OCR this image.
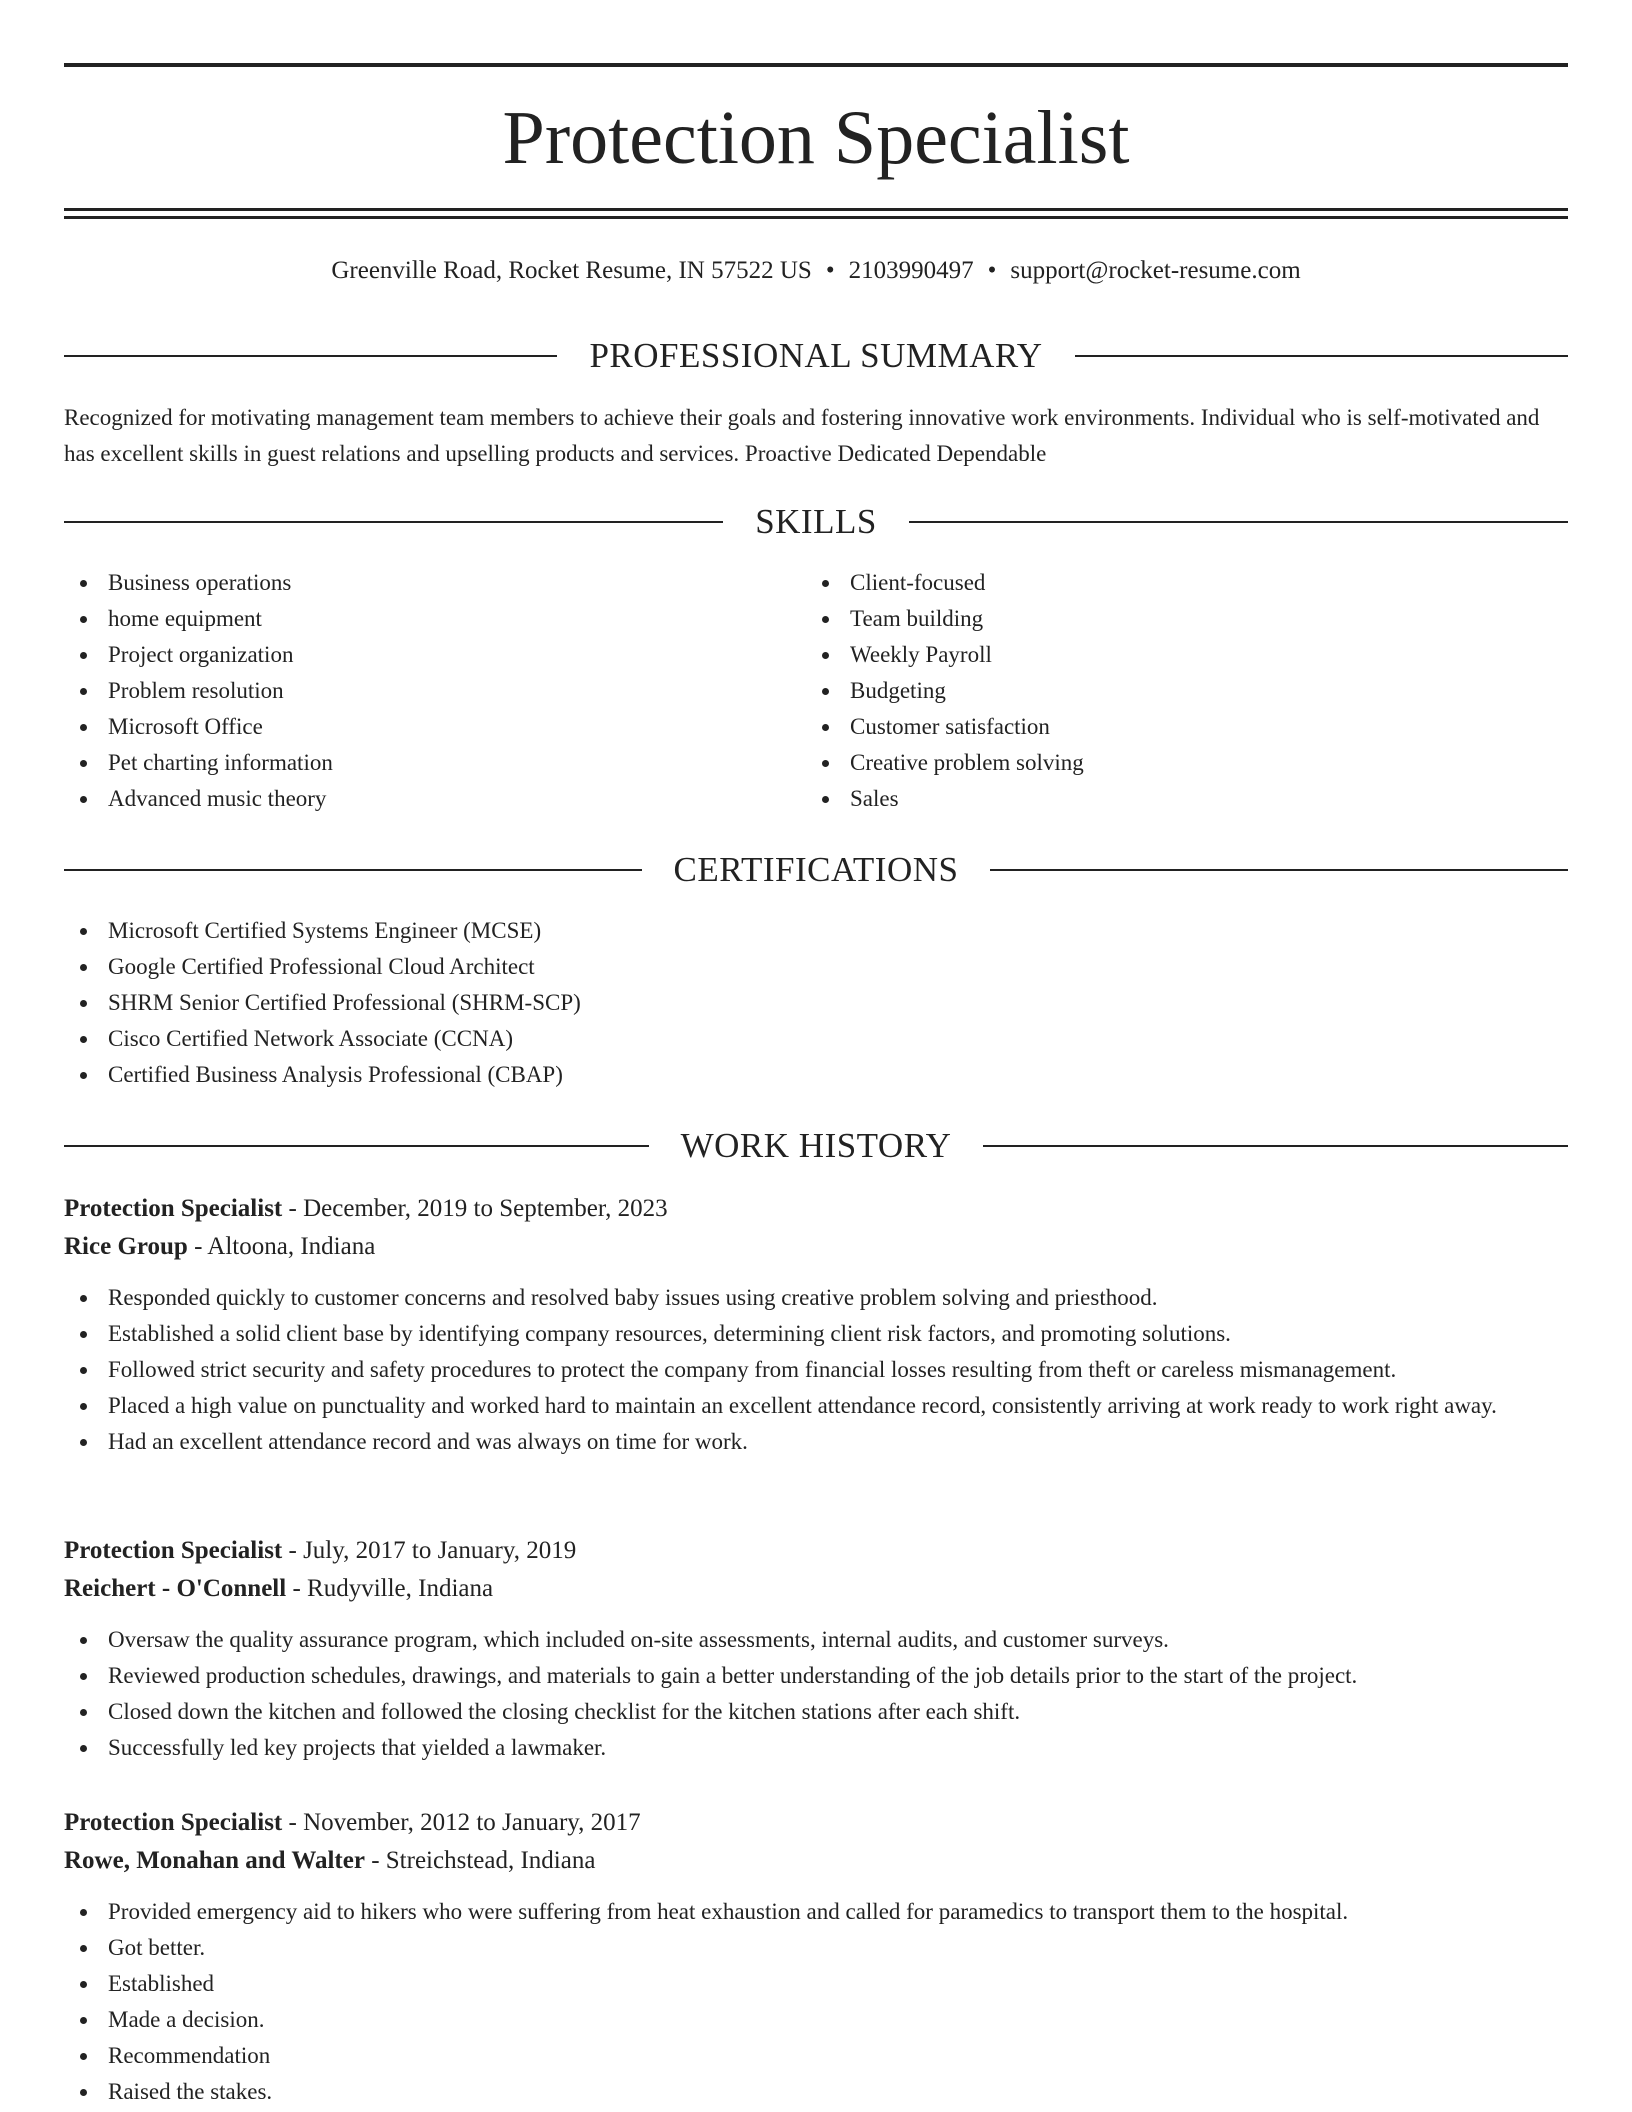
Protection Specialist
Greenville Road, Rocket Resume, IN 57522 US • 2103990497 • support@rocket-resume.com
PROFESSIONAL SUMMARY

Recognized for motivating management team members to achieve their goals and fostering innovative work environments. Individual who is self-motivated and has excellent skills in guest relations and upselling products and services. Proactive Dedicated Dependable

SKILLS
Business operations
home equipment
Project organization
Problem resolution
Microsoft Office
Pet charting information
Advanced music theory
Client-focused
Team building
Weekly Payroll
Budgeting
Customer satisfaction
Creative problem solving
Sales
CERTIFICATIONS
Microsoft Certified Systems Engineer (MCSE)
Google Certified Professional Cloud Architect
SHRM Senior Certified Professional (SHRM-SCP)
Cisco Certified Network Associate (CCNA)
Certified Business Analysis Professional (CBAP)
WORK HISTORY
Protection Specialist - December, 2019 to September, 2023
Rice Group - Altoona, Indiana
Responded quickly to customer concerns and resolved baby issues using creative problem solving and priesthood.
Established a solid client base by identifying company resources, determining client risk factors, and promoting solutions.
Followed strict security and safety procedures to protect the company from financial losses resulting from theft or careless mismanagement.
Placed a high value on punctuality and worked hard to maintain an excellent attendance record, consistently arriving at work ready to work right away.
Had an excellent attendance record and was always on time for work.
Protection Specialist - July, 2017 to January, 2019
Reichert - O'Connell - Rudyville, Indiana
Oversaw the quality assurance program, which included on-site assessments, internal audits, and customer surveys.
Reviewed production schedules, drawings, and materials to gain a better understanding of the job details prior to the start of the project.
Closed down the kitchen and followed the closing checklist for the kitchen stations after each shift.
Successfully led key projects that yielded a lawmaker.
Protection Specialist - November, 2012 to January, 2017
Rowe, Monahan and Walter - Streichstead, Indiana
Provided emergency aid to hikers who were suffering from heat exhaustion and called for paramedics to transport them to the hospital.
Got better.
Established
Made a decision.
Recommendation
Raised the stakes.
